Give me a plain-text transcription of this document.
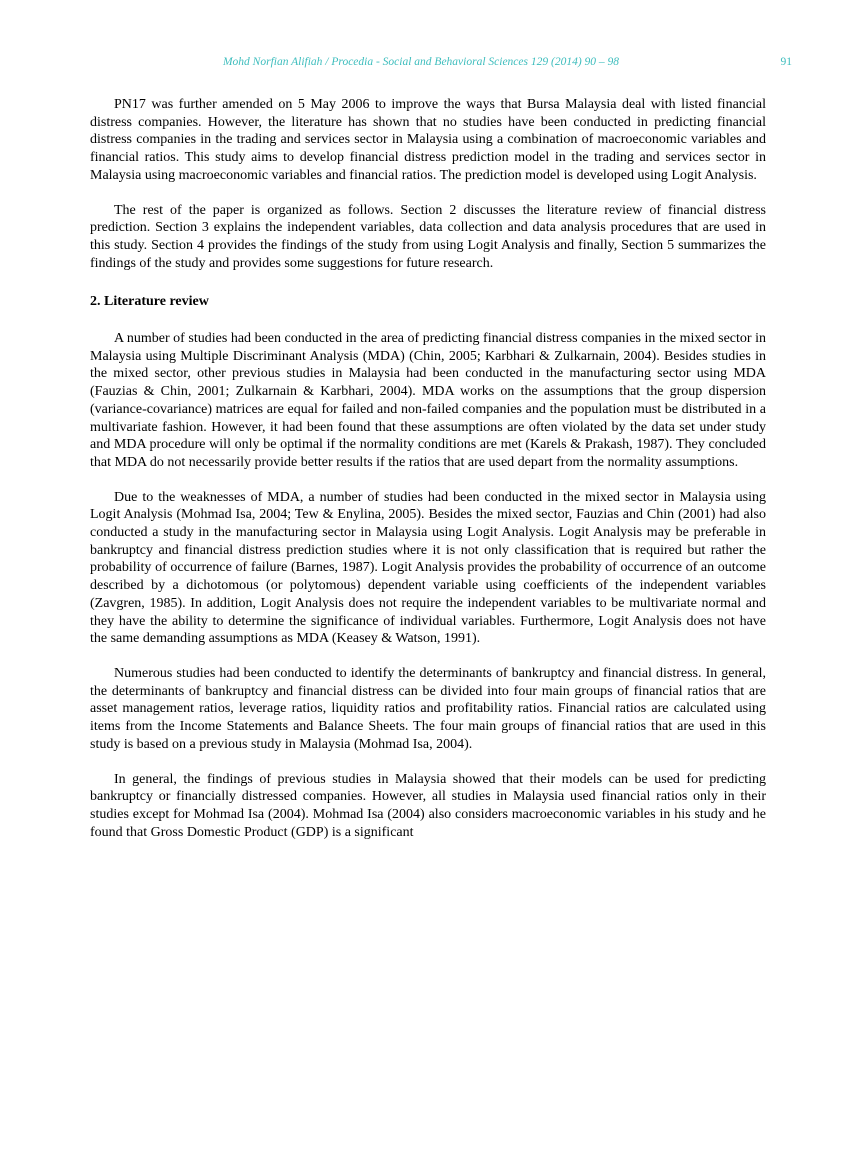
Mohd Norfian Alifiah / Procedia - Social and Behavioral Sciences 129 (2014) 90 – 98	91

PN17 was further amended on 5 May 2006 to improve the ways that Bursa Malaysia deal with listed financial distress companies. However, the literature has shown that no studies have been conducted in predicting financial distress companies in the trading and services sector in Malaysia using a combination of macroeconomic variables and financial ratios. This study aims to develop financial distress prediction model in the trading and services sector in Malaysia using macroeconomic variables and financial ratios. The prediction model is developed using Logit Analysis.

The rest of the paper is organized as follows. Section 2 discusses the literature review of financial distress prediction. Section 3 explains the independent variables, data collection and data analysis procedures that are used in this study. Section 4 provides the findings of the study from using Logit Analysis and finally, Section 5 summarizes the findings of the study and provides some suggestions for future research.

2. Literature review

A number of studies had been conducted in the area of predicting financial distress companies in the mixed sector in Malaysia using Multiple Discriminant Analysis (MDA) (Chin, 2005; Karbhari & Zulkarnain, 2004). Besides studies in the mixed sector, other previous studies in Malaysia had been conducted in the manufacturing sector using MDA (Fauzias & Chin, 2001; Zulkarnain & Karbhari, 2004). MDA works on the assumptions that the group dispersion (variance-covariance) matrices are equal for failed and non-failed companies and the population must be distributed in a multivariate fashion. However, it had been found that these assumptions are often violated by the data set under study and MDA procedure will only be optimal if the normality conditions are met (Karels & Prakash, 1987). They concluded that MDA do not necessarily provide better results if the ratios that are used depart from the normality assumptions.

Due to the weaknesses of MDA, a number of studies had been conducted in the mixed sector in Malaysia using Logit Analysis (Mohmad Isa, 2004; Tew & Enylina, 2005). Besides the mixed sector, Fauzias and Chin (2001) had also conducted a study in the manufacturing sector in Malaysia using Logit Analysis. Logit Analysis may be preferable in bankruptcy and financial distress prediction studies where it is not only classification that is required but rather the probability of occurrence of failure (Barnes, 1987). Logit Analysis provides the probability of occurrence of an outcome described by a dichotomous (or polytomous) dependent variable using coefficients of the independent variables (Zavgren, 1985). In addition, Logit Analysis does not require the independent variables to be multivariate normal and they have the ability to determine the significance of individual variables. Furthermore, Logit Analysis does not have the same demanding assumptions as MDA (Keasey & Watson, 1991).

Numerous studies had been conducted to identify the determinants of bankruptcy and financial distress. In general, the determinants of bankruptcy and financial distress can be divided into four main groups of financial ratios that are asset management ratios, leverage ratios, liquidity ratios and profitability ratios. Financial ratios are calculated using items from the Income Statements and Balance Sheets. The four main groups of financial ratios that are used in this study is based on a previous study in Malaysia (Mohmad Isa, 2004).

In general, the findings of previous studies in Malaysia showed that their models can be used for predicting bankruptcy or financially distressed companies. However, all studies in Malaysia used financial ratios only in their studies except for Mohmad Isa (2004). Mohmad Isa (2004) also considers macroeconomic variables in his study and he found that Gross Domestic Product (GDP) is a significant
